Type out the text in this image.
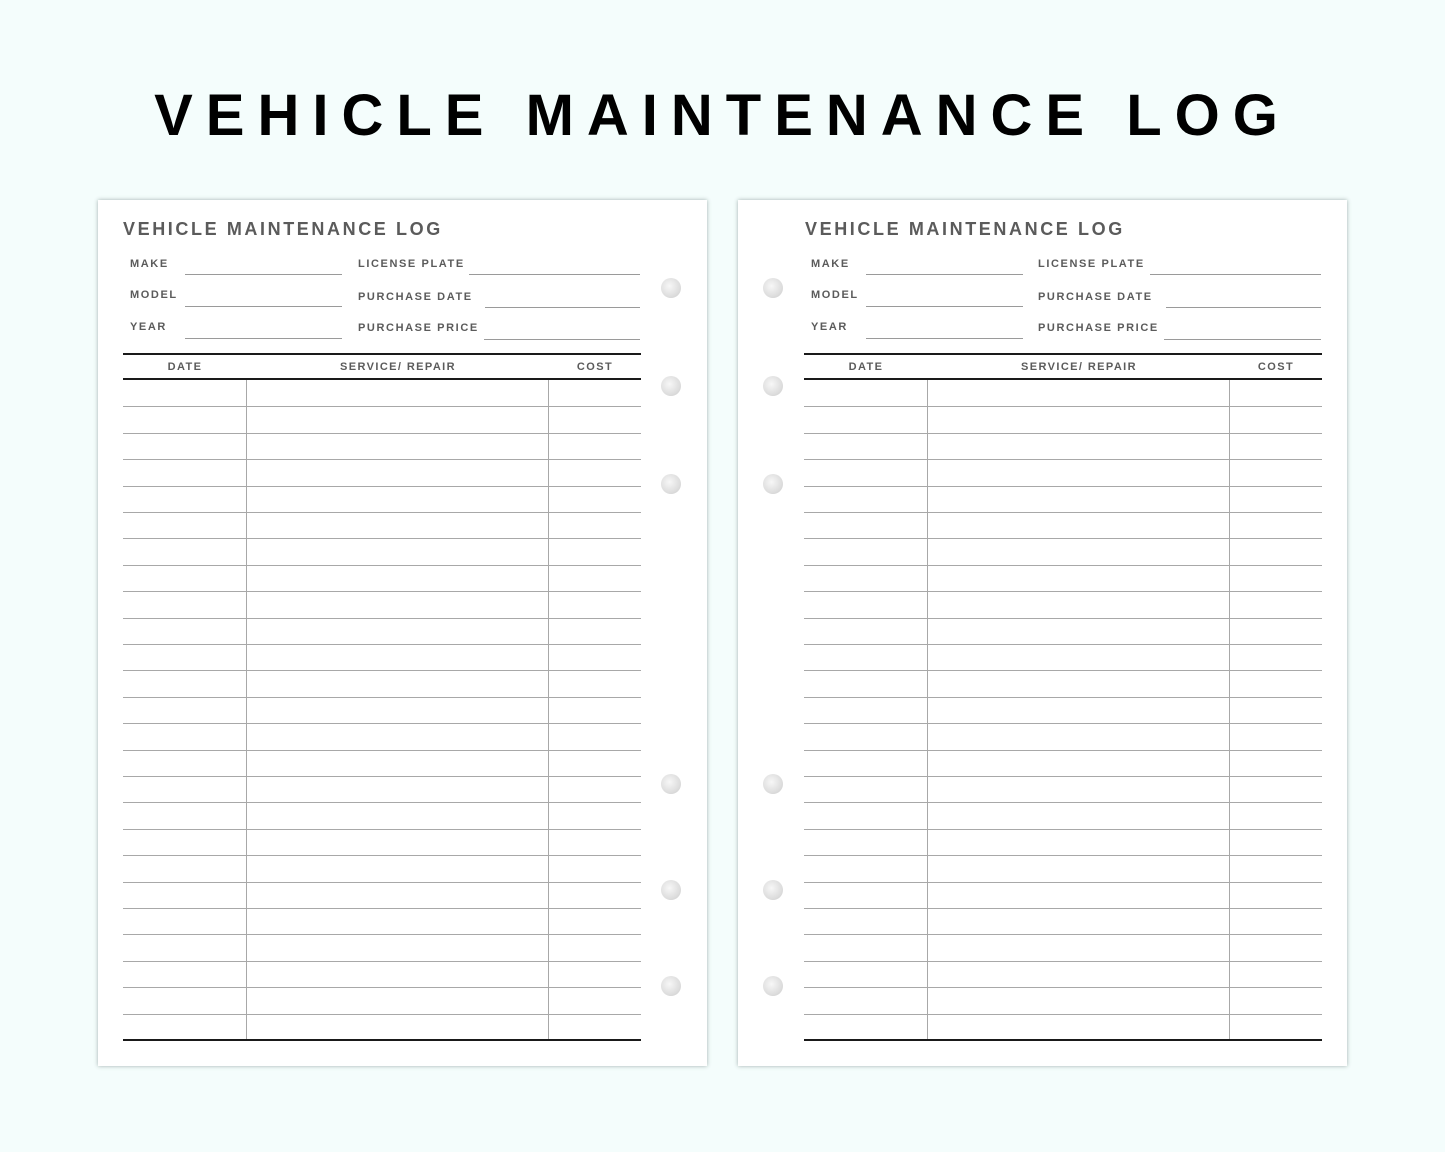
VEHICLE MAINTENANCE LOG
VEHICLE MAINTENANCE LOG
MAKE	LICENSE PLATE
MODEL	PURCHASE DATE
YEAR	PURCHASE PRICE
DATE	SERVICE/ REPAIR	COST
VEHICLE MAINTENANCE LOG
MAKE	LICENSE PLATE
MODEL	PURCHASE DATE
YEAR	PURCHASE PRICE
DATE	SERVICE/ REPAIR	COST
